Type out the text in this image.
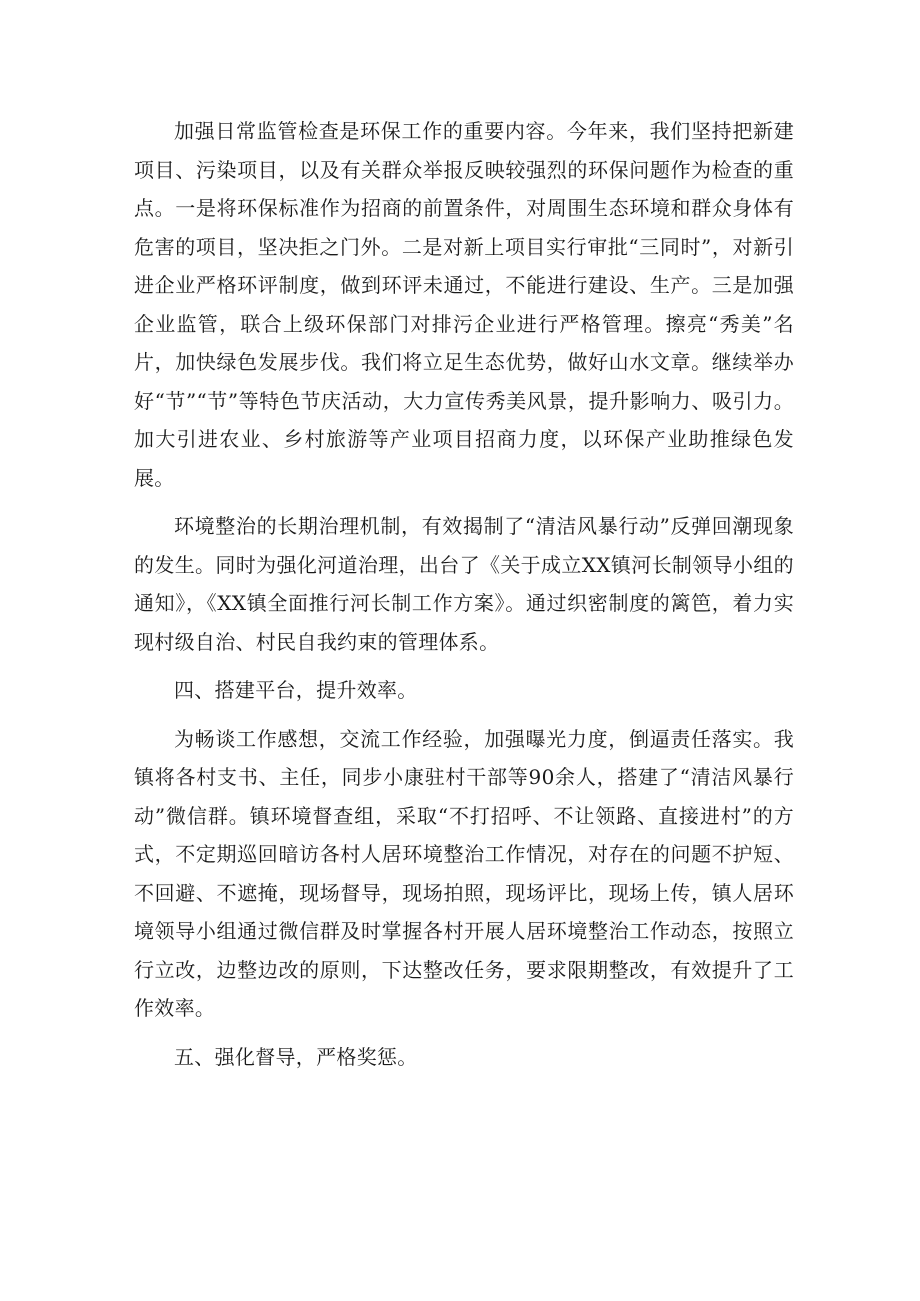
加强日常监管检查是环保工作的重要内容。今年来，我们坚持把新建项目、污染项目，以及有关群众举报反映较强烈的环保问题作为检查的重点。一是将环保标准作为招商的前置条件，对周围生态环境和群众身体有危害的项目，坚决拒之门外。二是对新上项目实行审批“三同时”，对新引进企业严格环评制度，做到环评未通过，不能进行建设、生产。三是加强企业监管，联合上级环保部门对排污企业进行严格管理。擦亮“秀美”名片，加快绿色发展步伐。我们将立足生态优势，做好山水文章。继续举办好“节”“节”等特色节庆活动，大力宣传秀美风景，提升影响力、吸引力。加大引进农业、乡村旅游等产业项目招商力度，以环保产业助推绿色发展。

环境整治的长期治理机制，有效揭制了“清洁风暴行动”反弹回潮现象的发生。同时为强化河道治理，出台了《关于成立XX镇河长制领导小组的通知》，《XX镇全面推行河长制工作方案》。通过织密制度的篱笆，着力实现村级自治、村民自我约束的管理体系。

四、搭建平台，提升效率。

为畅谈工作感想，交流工作经验，加强曝光力度，倒逼责任落实。我镇将各村支书、主任，同步小康驻村干部等90余人，搭建了“清洁风暴行动”微信群。镇环境督查组，采取“不打招呼、不让领路、直接进村”的方式，不定期巡回暗访各村人居环境整治工作情况，对存在的问题不护短、不回避、不遮掩，现场督导，现场拍照，现场评比，现场上传，镇人居环境领导小组通过微信群及时掌握各村开展人居环境整治工作动态，按照立行立改，边整边改的原则，下达整改任务，要求限期整改，有效提升了工作效率。

五、强化督导，严格奖惩。
